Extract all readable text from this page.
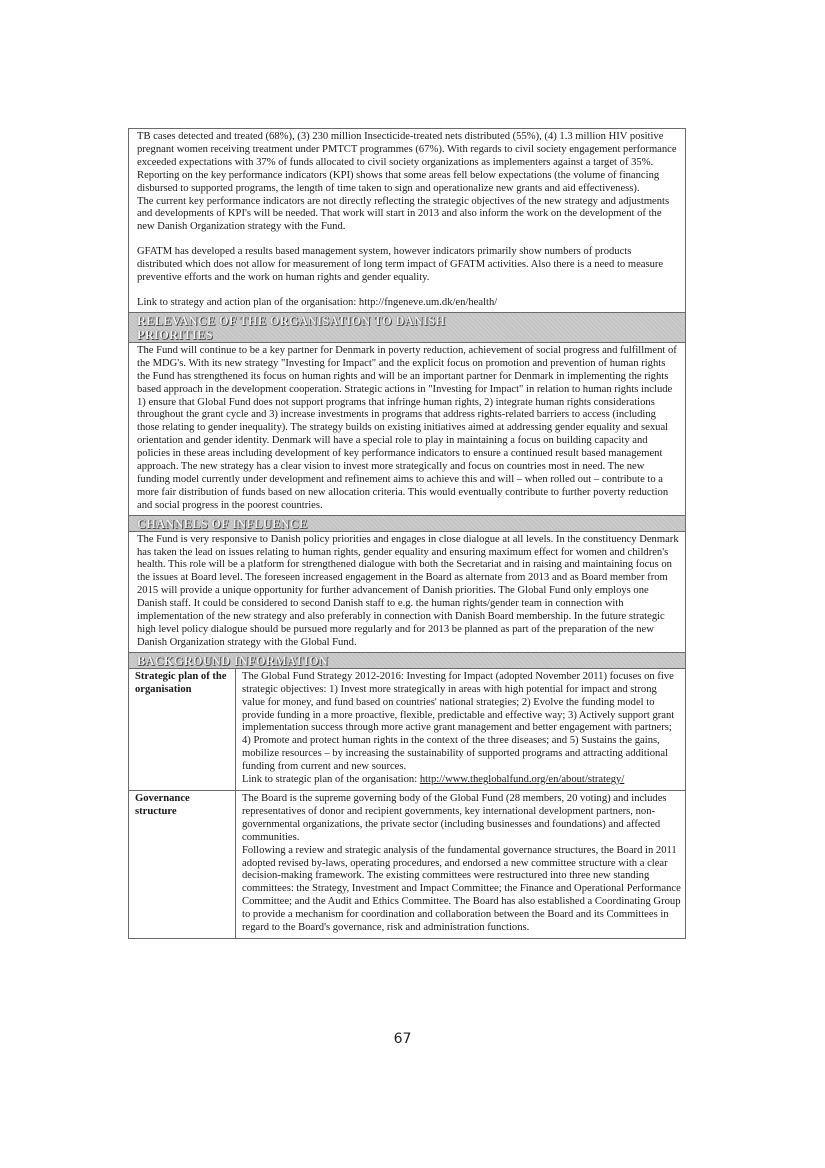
TB cases detected and treated (68%), (3) 230 million Insecticide-treated nets distributed (55%), (4) 1.3 million HIV positive pregnant women receiving treatment under PMTCT programmes (67%). With regards to civil society engagement performance exceeded expectations with 37% of funds allocated to civil society organizations as implementers against a target of 35%. Reporting on the key performance indicators (KPI) shows that some areas fell below expectations (the volume of financing disbursed to supported programs, the length of time taken to sign and operationalize new grants and aid effectiveness).

The current key performance indicators are not directly reflecting the strategic objectives of the new strategy and adjustments and developments of KPI's will be needed. That work will start in 2013 and also inform the work on the development of the new Danish Organization strategy with the Fund.

GFATM has developed a results based management system, however indicators primarily show numbers of products distributed which does not allow for measurement of long term impact of GFATM activities. Also there is a need to measure preventive efforts and the work on human rights and gender equality.

Link to strategy and action plan of the organisation: http://fngeneve.um.dk/en/health/

RELEVANCE OF THE ORGANISATION TO DANISH PRIORITIES

The Fund will continue to be a key partner for Denmark in poverty reduction, achievement of social progress and fulfillment of the MDG's. With its new strategy "Investing for Impact" and the explicit focus on promotion and prevention of human rights the Fund has strengthened its focus on human rights and will be an important partner for Denmark in implementing the rights based approach in the development cooperation. Strategic actions in "Investing for Impact" in relation to human rights include 1) ensure that Global Fund does not support programs that infringe human rights, 2) integrate human rights considerations throughout the grant cycle and 3) increase investments in programs that address rights-related barriers to access (including those relating to gender inequality). The strategy builds on existing initiatives aimed at addressing gender equality and sexual orientation and gender identity. Denmark will have a special role to play in maintaining a focus on building capacity and policies in these areas including development of key performance indicators to ensure a continued result based management approach. The new strategy has a clear vision to invest more strategically and focus on countries most in need. The new funding model currently under development and refinement aims to achieve this and will – when rolled out – contribute to a more fair distribution of funds based on new allocation criteria. This would eventually contribute to further poverty reduction and social progress in the poorest countries.

CHANNELS OF INFLUENCE

The Fund is very responsive to Danish policy priorities and engages in close dialogue at all levels. In the constituency Denmark has taken the lead on issues relating to human rights, gender equality and ensuring maximum effect for women and children's health. This role will be a platform for strengthened dialogue with both the Secretariat and in raising and maintaining focus on the issues at Board level. The foreseen increased engagement in the Board as alternate from 2013 and as Board member from 2015 will provide a unique opportunity for further advancement of Danish priorities. The Global Fund only employs one Danish staff. It could be considered to second Danish staff to e.g. the human rights/gender team in connection with implementation of the new strategy and also preferably in connection with Danish Board membership. In the future strategic high level policy dialogue should be pursued more regularly and for 2013 be planned as part of the preparation of the new Danish Organization strategy with the Global Fund.

BACKGROUND INFORMATION
Strategic plan of the organisation	The Global Fund Strategy 2012-2016: Investing for Impact (adopted November 2011) focuses on five strategic objectives: 1) Invest more strategically in areas with high potential for impact and strong value for money, and fund based on countries' national strategies; 2) Evolve the funding model to provide funding in a more proactive, flexible, predictable and effective way; 3) Actively support grant implementation success through more active grant management and better engagement with partners; 4) Promote and protect human rights in the context of the three diseases; and 5) Sustains the gains, mobilize resources – by increasing the sustainability of supported programs and attracting additional funding from current and new sources.
Link to strategic plan of the organisation: http://www.theglobalfund.org/en/about/strategy/
Governance structure	The Board is the supreme governing body of the Global Fund (28 members, 20 voting) and includes representatives of donor and recipient governments, key international development partners, non-governmental organizations, the private sector (including businesses and foundations) and affected communities.
Following a review and strategic analysis of the fundamental governance structures, the Board in 2011 adopted revised by-laws, operating procedures, and endorsed a new committee structure with a clear decision-making framework. The existing committees were restructured into three new standing committees: the Strategy, Investment and Impact Committee; the Finance and Operational Performance Committee; and the Audit and Ethics Committee. The Board has also established a Coordinating Group to provide a mechanism for coordination and collaboration between the Board and its Committees in regard to the Board's governance, risk and administration functions.
67
